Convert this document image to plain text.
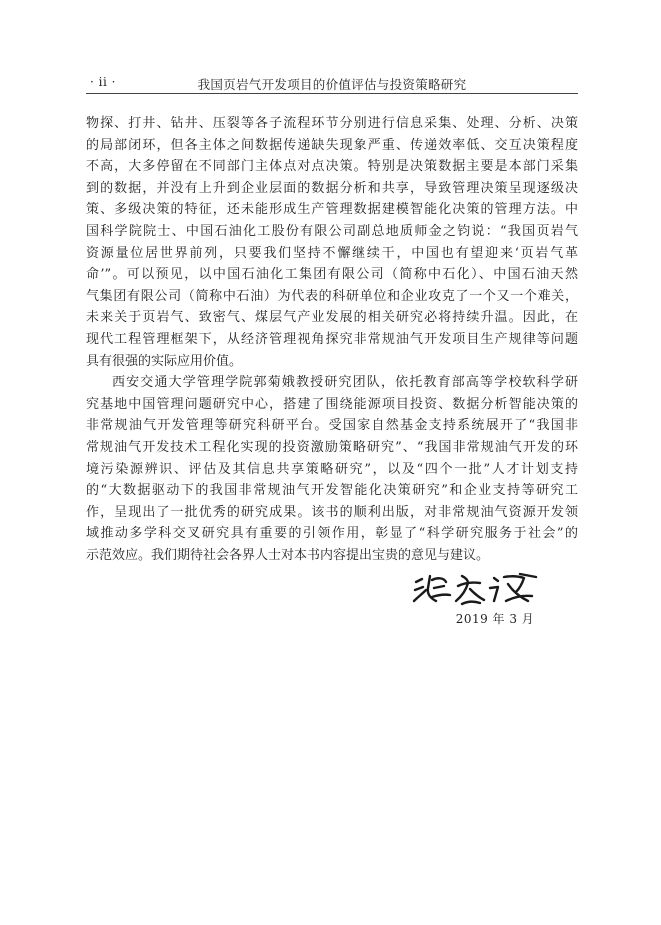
· ii ·	我国页岩气开发项目的价值评估与投资策略研究
物探、打井、钻井、压裂等各子流程环节分别进行信息采集、处理、分析、决策
的局部闭环，但各主体之间数据传递缺失现象严重、传递效率低、交互决策程度
不高，大多停留在不同部门主体点对点决策。特别是决策数据主要是本部门采集
到的数据，并没有上升到企业层面的数据分析和共享，导致管理决策呈现逐级决
策、多级决策的特征，还未能形成生产管理数据建模智能化决策的管理方法。中
国科学院院士、中国石油化工股份有限公司副总地质师金之钧说：“我国页岩气
资源量位居世界前列，只要我们坚持不懈继续干，中国也有望迎来‘页岩气革
命’”。可以预见，以中国石油化工集团有限公司（简称中石化）、中国石油天然
气集团有限公司（简称中石油）为代表的科研单位和企业攻克了一个又一个难关，
未来关于页岩气、致密气、煤层气产业发展的相关研究必将持续升温。因此，在
现代工程管理框架下，从经济管理视角探究非常规油气开发项目生产规律等问题
具有很强的实际应用价值。
西安交通大学管理学院郭菊娥教授研究团队，依托教育部高等学校软科学研
究基地中国管理问题研究中心，搭建了围绕能源项目投资、数据分析智能决策的
非常规油气开发管理等研究科研平台。受国家自然基金支持系统展开了“我国非
常规油气开发技术工程化实现的投资激励策略研究”、“我国非常规油气开发的环
境污染源辨识、评估及其信息共享策略研究”，以及“四个一批”人才计划支持
的“大数据驱动下的我国非常规油气开发智能化决策研究”和企业支持等研究工
作，呈现出了一批优秀的研究成果。该书的顺利出版，对非常规油气资源开发领
域推动多学科交叉研究具有重要的引领作用，彰显了“科学研究服务于社会”的
示范效应。我们期待社会各界人士对本书内容提出宝贵的意见与建议。
2019 年 3 月
